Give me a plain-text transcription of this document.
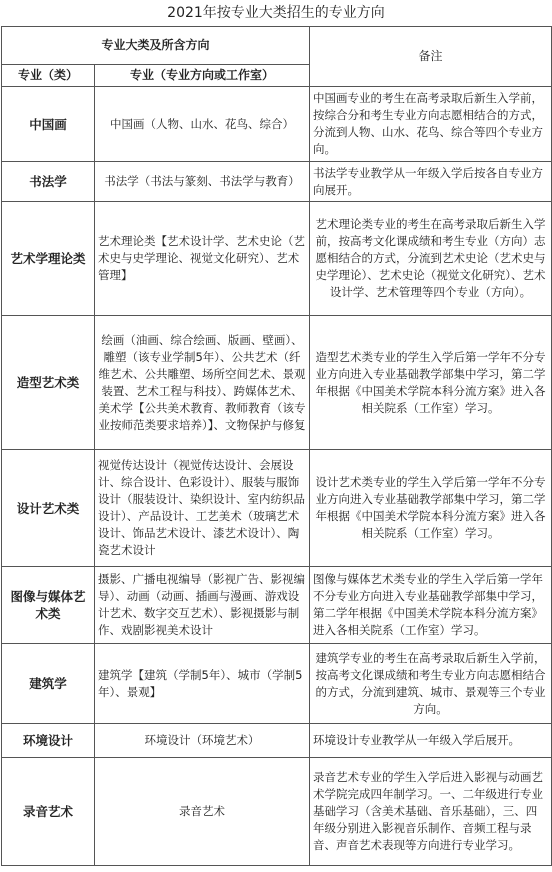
2021年按专业大类招生的专业方向
专业大类及所含方向		备注
专业（类）	专业（专业方向或工作室）	
中国画	中国画（人物、山水、花鸟、综合）	中国画专业的考生在高考录取后新生入学前，按综合分和考生专业方向志愿相结合的方式，分流到人物、山水、花鸟、综合等四个专业方向。
书法学	书法学（书法与篆刻、书法学与教育）	书法学专业教学从一年级入学后按各自专业方向展开。
艺术学理论类	艺术理论类【艺术设计学、艺术史论（艺术史与史学理论、视觉文化研究）、艺术管理】	艺术理论类专业的考生在高考录取后新生入学前，按高考文化课成绩和考生专业（方向）志愿相结合的方式，分流到艺术史论（艺术史与史学理论）、艺术史论（视觉文化研究）、艺术设计学、艺术管理等四个专业（方向）。
造型艺术类	绘画（油画、综合绘画、版画、壁画）、雕塑（该专业学制5年）、公共艺术（纤维艺术、公共雕塑、场所空间艺术、景观装置、艺术工程与科技）、跨媒体艺术、美术学【公共美术教育、教师教育（该专业按师范类要求培养）】、文物保护与修复	造型艺术类专业的学生入学后第一学年不分专业方向进入专业基础教学部集中学习，第二学年根据《中国美术学院本科分流方案》进入各相关院系（工作室）学习。
设计艺术类	视觉传达设计（视觉传达设计、会展设计、综合设计、色彩设计）、服装与服饰设计（服装设计、染织设计、室内纺织品设计）、产品设计、工艺美术（玻璃艺术设计、饰品艺术设计、漆艺术设计）、陶瓷艺术设计	设计艺术类专业的学生入学后第一学年不分专业方向进入专业基础教学部集中学习，第二学年根据《中国美术学院本科分流方案》进入各相关院系（工作室）学习。
图像与媒体艺术类	摄影、广播电视编导（影视广告、影视编导）、动画（动画、插画与漫画、游戏设计艺术、数字交互艺术）、影视摄影与制作、戏剧影视美术设计	图像与媒体艺术类专业的学生入学后第一学年不分专业方向进入专业基础教学部集中学习，第二学年根据《中国美术学院本科分流方案》进入各相关院系（工作室）学习。
建筑学	建筑学【建筑（学制5年）、城市（学制5年）、景观】	建筑学专业的考生在高考录取后新生入学前，按高考文化课成绩和考生专业方向志愿相结合的方式，分流到建筑、城市、景观等三个专业方向。
环境设计	环境设计（环境艺术）	环境设计专业教学从一年级入学后展开。
录音艺术	录音艺术	录音艺术专业的学生入学后进入影视与动画艺术学院完成四年制学习。一、二年级进行专业基础学习（含美术基础、音乐基础），三、四年级分别进入影视音乐制作、音频工程与录音、声音艺术表现等方向进行专业学习。
